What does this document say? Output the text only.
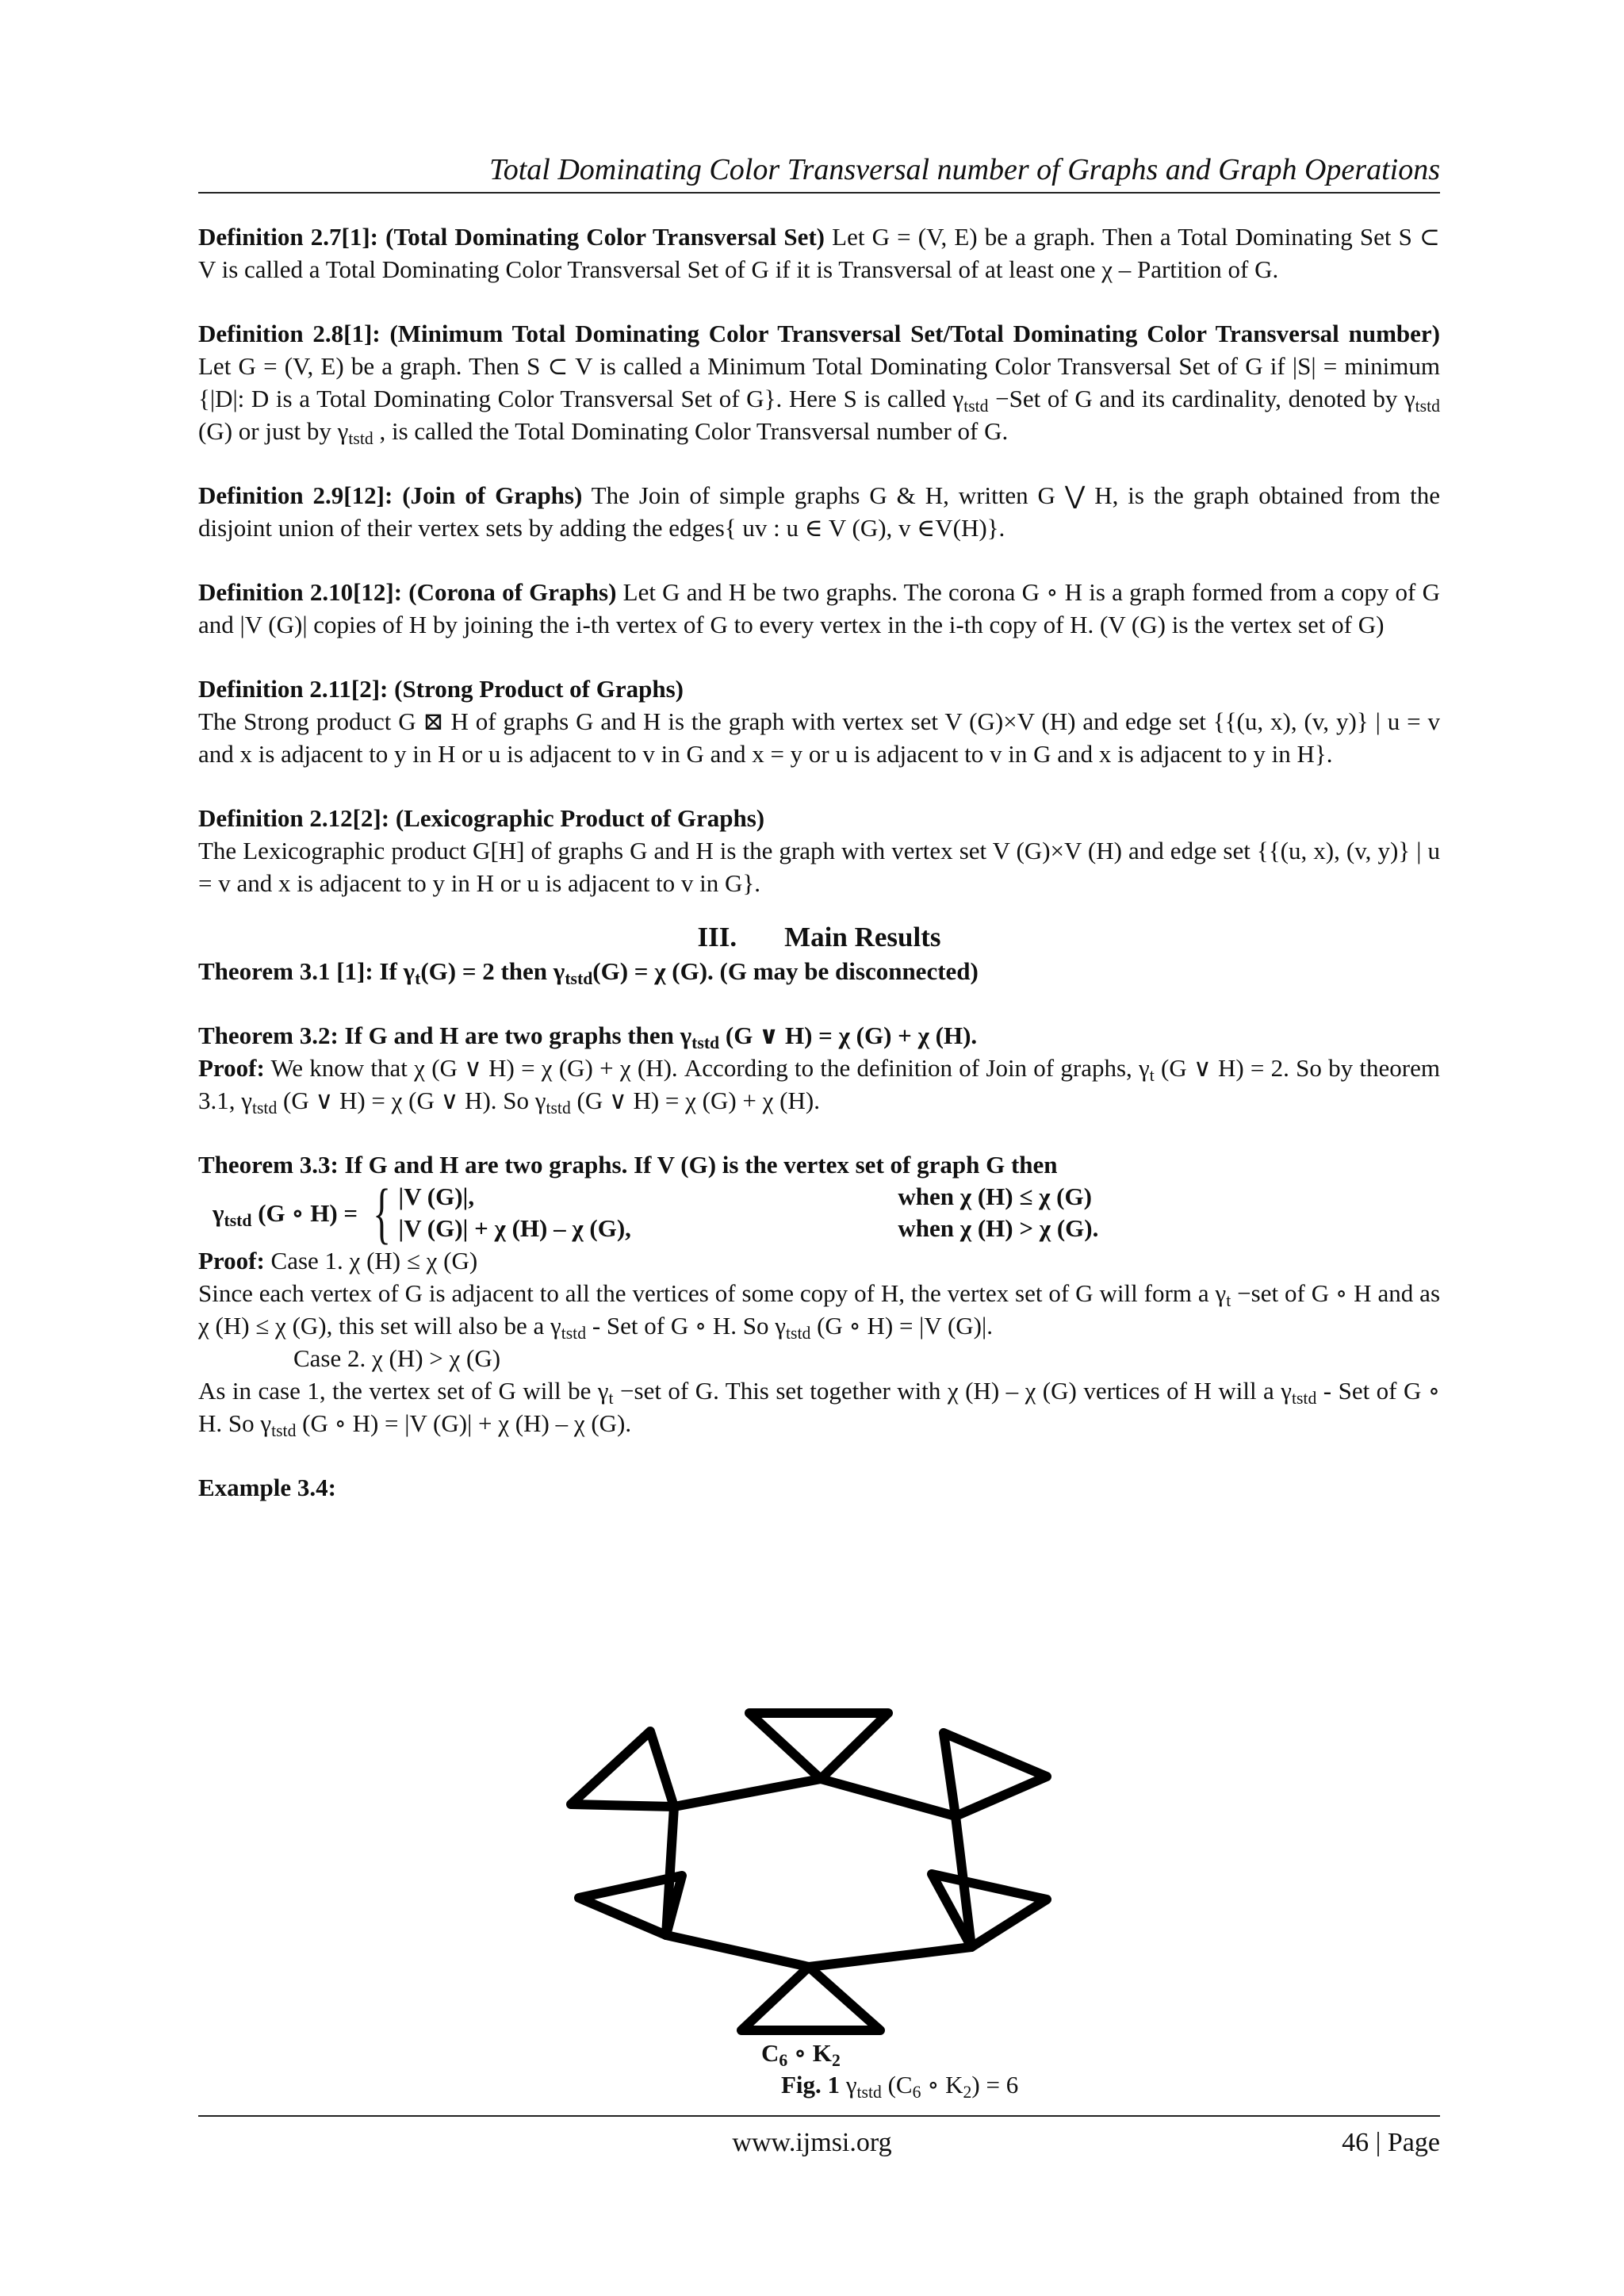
Total Dominating Color Transversal number of Graphs and Graph Operations

Definition 2.7[1]: (Total Dominating Color Transversal Set) Let G = (V, E) be a graph. Then a Total Dominating Set S ⊂ V is called a Total Dominating Color Transversal Set of G if it is Transversal of at least one χ – Partition of G.

Definition 2.8[1]: (Minimum Total Dominating Color Transversal Set/Total Dominating Color Transversal number) Let G = (V, E) be a graph. Then S ⊂ V is called a Minimum Total Dominating Color Transversal Set of G if |S| = minimum {|D|: D is a Total Dominating Color Transversal Set of G}. Here S is called $\gamma_{tstd} -Set$ of G and its cardinality, denoted by $\gamma_{tstd}$ (G) or just by $\gamma_{tstd}$ , is called the Total Dominating Color Transversal number of G.

Definition 2.9[12]: (Join of Graphs) The Join of simple graphs G & H, written G ⋁ H, is the graph obtained from the disjoint union of their vertex sets by adding the edges{ uv : u ∈ V (G), v ∈V(H)}.

Definition 2.10[12]: (Corona of Graphs) Let G and H be two graphs. The corona G ∘ H is a graph formed from a copy of G and |V (G)| copies of H by joining the i-th vertex of G to every vertex in the i-th copy of H. (V (G) is the vertex set of G)

Definition 2.11[2]: (Strong Product of Graphs)
The Strong product G ⊠ H of graphs G and H is the graph with vertex set V (G)×V (H) and edge set {{(u, x), (v, y)} | u = v and x is adjacent to y in H or u is adjacent to v in G and x = y or u is adjacent to v in G and x is adjacent to y in H}.

Definition 2.12[2]: (Lexicographic Product of Graphs)
The Lexicographic product G[H] of graphs G and H is the graph with vertex set V (G)×V (H) and edge set {{(u, x), (v, y)} | u = v and x is adjacent to y in H or u is adjacent to v in G}.

III. Main Results

Theorem 3.1 [1]: If $\gamma_t(G) = 2$ then $\gamma_{tstd}(G) = \chi$ (G). (G may be disconnected)

Theorem 3.2: If G and H are two graphs then $\gamma_{tstd}$ (G ∨ H) = χ (G) + χ (H).
Proof: We know that χ (G ∨ H) = χ (G) + χ (H). According to the definition of Join of graphs, $\gamma_t$ (G ∨ H) = 2. So by theorem 3.1, $\gamma_{tstd}$ (G ∨ H) = χ (G ∨ H). So $\gamma_{tstd}$ (G ∨ H) = χ (G) + χ (H).

Theorem 3.3: If G and H are two graphs. If V (G) is the vertex set of graph G then

$\gamma_{tstd}$ (G ∘ H) = { |V (G)|,	when χ (H) ≤ χ (G)
|V (G)| + χ (H) – χ (G),	when χ (H) > χ (G).

Proof: Case 1. χ (H) ≤ χ (G)
Since each vertex of G is adjacent to all the vertices of some copy of H, the vertex set of G will form a $\gamma_t -set$ of G ∘ H and as χ (H) ≤ χ (G), this set will also be a $\gamma_{tstd}$ - Set of G ∘ H. So $\gamma_{tstd}$ (G ∘ H) = |V (G)|.

Case 2. χ (H) > χ (G)

As in case 1, the vertex set of G will be $\gamma_t -set$ of G. This set together with χ (H) – χ (G) vertices of H will a $\gamma_{tstd}$ - Set of G ∘ H. So $\gamma_{tstd}$ (G ∘ H) = |V (G)| + χ (H) – χ (G).

Example 3.4:

$C_6$ ∘ $K_2$
Fig. 1 $\gamma_{tstd}$ ($C_6$ ∘ $K_2) = 6$
www.ijmsi.org	46 | Page
